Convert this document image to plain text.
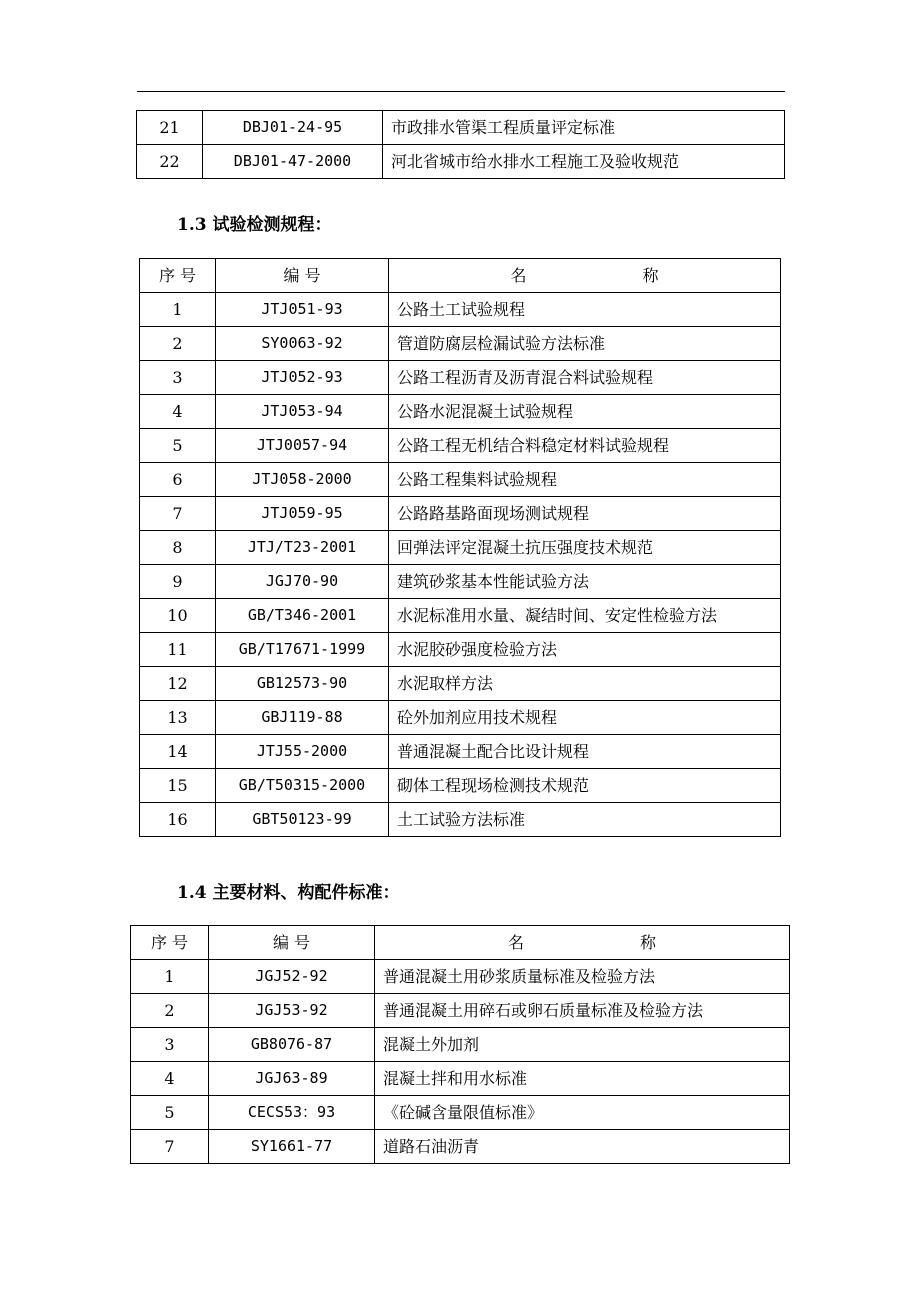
21	DBJ01-24-95	市政排水管渠工程质量评定标准
22	DBJ01-47-2000	河北省城市给水排水工程施工及验收规范
1.3 试验检测规程：
序 号	编 号	名 称
1	JTJ051-93	公路土工试验规程
2	SY0063-92	管道防腐层检漏试验方法标准
3	JTJ052-93	公路工程沥青及沥青混合料试验规程
4	JTJ053-94	公路水泥混凝土试验规程
5	JTJ0057-94	公路工程无机结合料稳定材料试验规程
6	JTJ058-2000	公路工程集料试验规程
7	JTJ059-95	公路路基路面现场测试规程
8	JTJ/T23-2001	回弹法评定混凝土抗压强度技术规范
9	JGJ70-90	建筑砂浆基本性能试验方法
10	GB/T346-2001	水泥标准用水量、凝结时间、安定性检验方法
11	GB/T17671-1999	水泥胶砂强度检验方法
12	GB12573-90	水泥取样方法
13	GBJ119-88	砼外加剂应用技术规程
14	JTJ55-2000	普通混凝土配合比设计规程
15	GB/T50315-2000	砌体工程现场检测技术规范
16	GBT50123-99	土工试验方法标准
1.4 主要材料、构配件标准：
序 号	编 号	名 称
1	JGJ52-92	普通混凝土用砂浆质量标准及检验方法
2	JGJ53-92	普通混凝土用碎石或卵石质量标准及检验方法
3	GB8076-87	混凝土外加剂
4	JGJ63-89	混凝土拌和用水标准
5	CECS53：93	《砼碱含量限值标准》
7	SY1661-77	道路石油沥青
